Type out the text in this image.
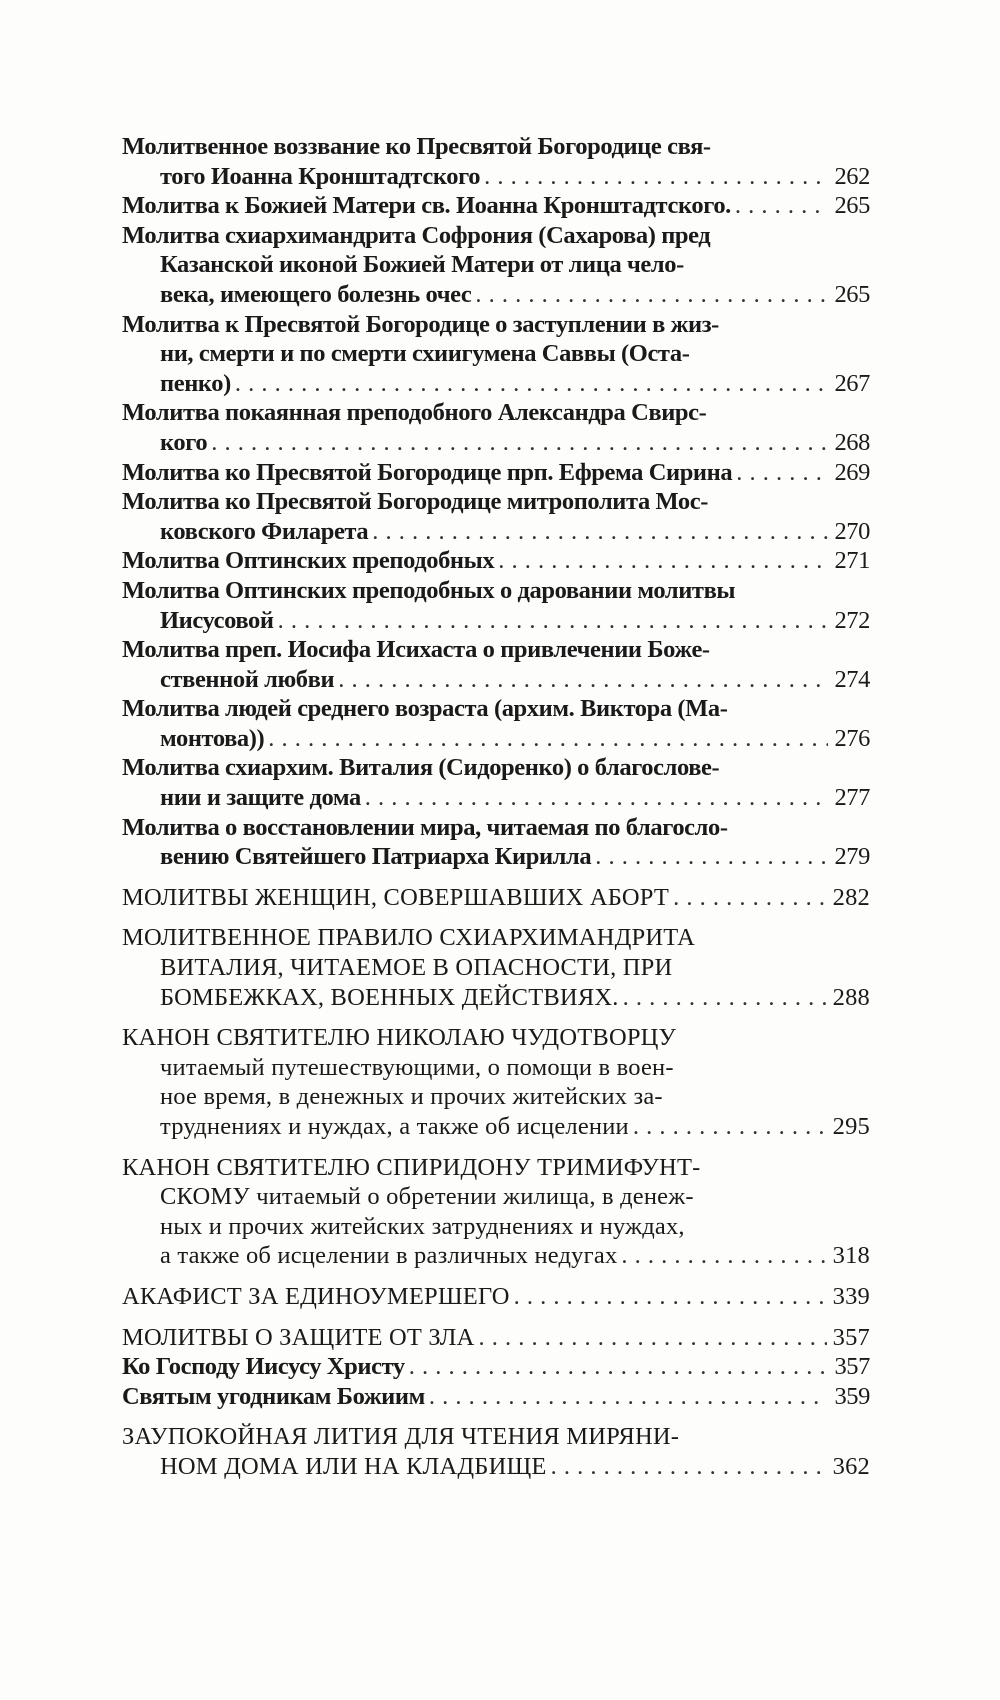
Молитвенное воззвание ко Пресвятой Богородице свя-
того Иоанна Кронштадтского . . .	262
Молитва к Божией Матери св. Иоанна Кронштадтского. . . .	265
Молитва схиархимандрита Софрония (Сахарова) пред
Казанской иконой Божией Матери от лица чело-
века, имеющего болезнь очес . . .	265
Молитва к Пресвятой Богородице о заступлении в жиз-
ни, смерти и по смерти схиигумена Саввы (Оста-
пенко) . . .	267
Молитва покаянная преподобного Александра Свирс-
кого . . .	268
Молитва ко Пресвятой Богородице прп. Ефрема Сирина . . .	269
Молитва ко Пресвятой Богородице митрополита Мос-
ковского Филарета . . .	270
Молитва Оптинских преподобных . . .	271
Молитва Оптинских преподобных о даровании молитвы
Иисусовой . . .	272
Молитва преп. Иосифа Исихаста о привлечении Боже-
ственной любви . . .	274
Молитва людей среднего возраста (архим. Виктора (Ма-
монтова)) . . .	276
Молитва схиархим. Виталия (Сидоренко) о благослове-
нии и защите дома . . .	277
Молитва о восстановлении мира, читаемая по благосло-
вению Святейшего Патриарха Кирилла . . .	279
МОЛИТВЫ ЖЕНЩИН, СОВЕРШАВШИХ АБОРТ . . .	282
МОЛИТВЕННОЕ ПРАВИЛО СХИАРХИМАНДРИТА
ВИТАЛИЯ, ЧИТАЕМОЕ В ОПАСНОСТИ, ПРИ
БОМБЕЖКАХ, ВОЕННЫХ ДЕЙСТВИЯХ. . . .	288
КАНОН СВЯТИТЕЛЮ НИКОЛАЮ ЧУДОТВОРЦУ
читаемый путешествующими, о помощи в воен-
ное время, в денежных и прочих житейских за-
труднениях и нуждах, а также об исцелении . . .	295
КАНОН СВЯТИТЕЛЮ СПИРИДОНУ ТРИМИФУНТ-
СКОМУ читаемый о обретении жилища, в денеж-
ных и прочих житейских затруднениях и нуждах,
а также об исцелении в различных недугах . . .	318
АКАФИСТ ЗА ЕДИНОУМЕРШЕГО . . .	339
МОЛИТВЫ О ЗАЩИТЕ ОТ ЗЛА . . .	357
Ко Господу Иисусу Христу . . .	357
Святым угодникам Божиим . . .	359
ЗАУПОКОЙНАЯ ЛИТИЯ ДЛЯ ЧТЕНИЯ МИРЯНИ-
НОМ ДОМА ИЛИ НА КЛАДБИЩЕ . . .	362
